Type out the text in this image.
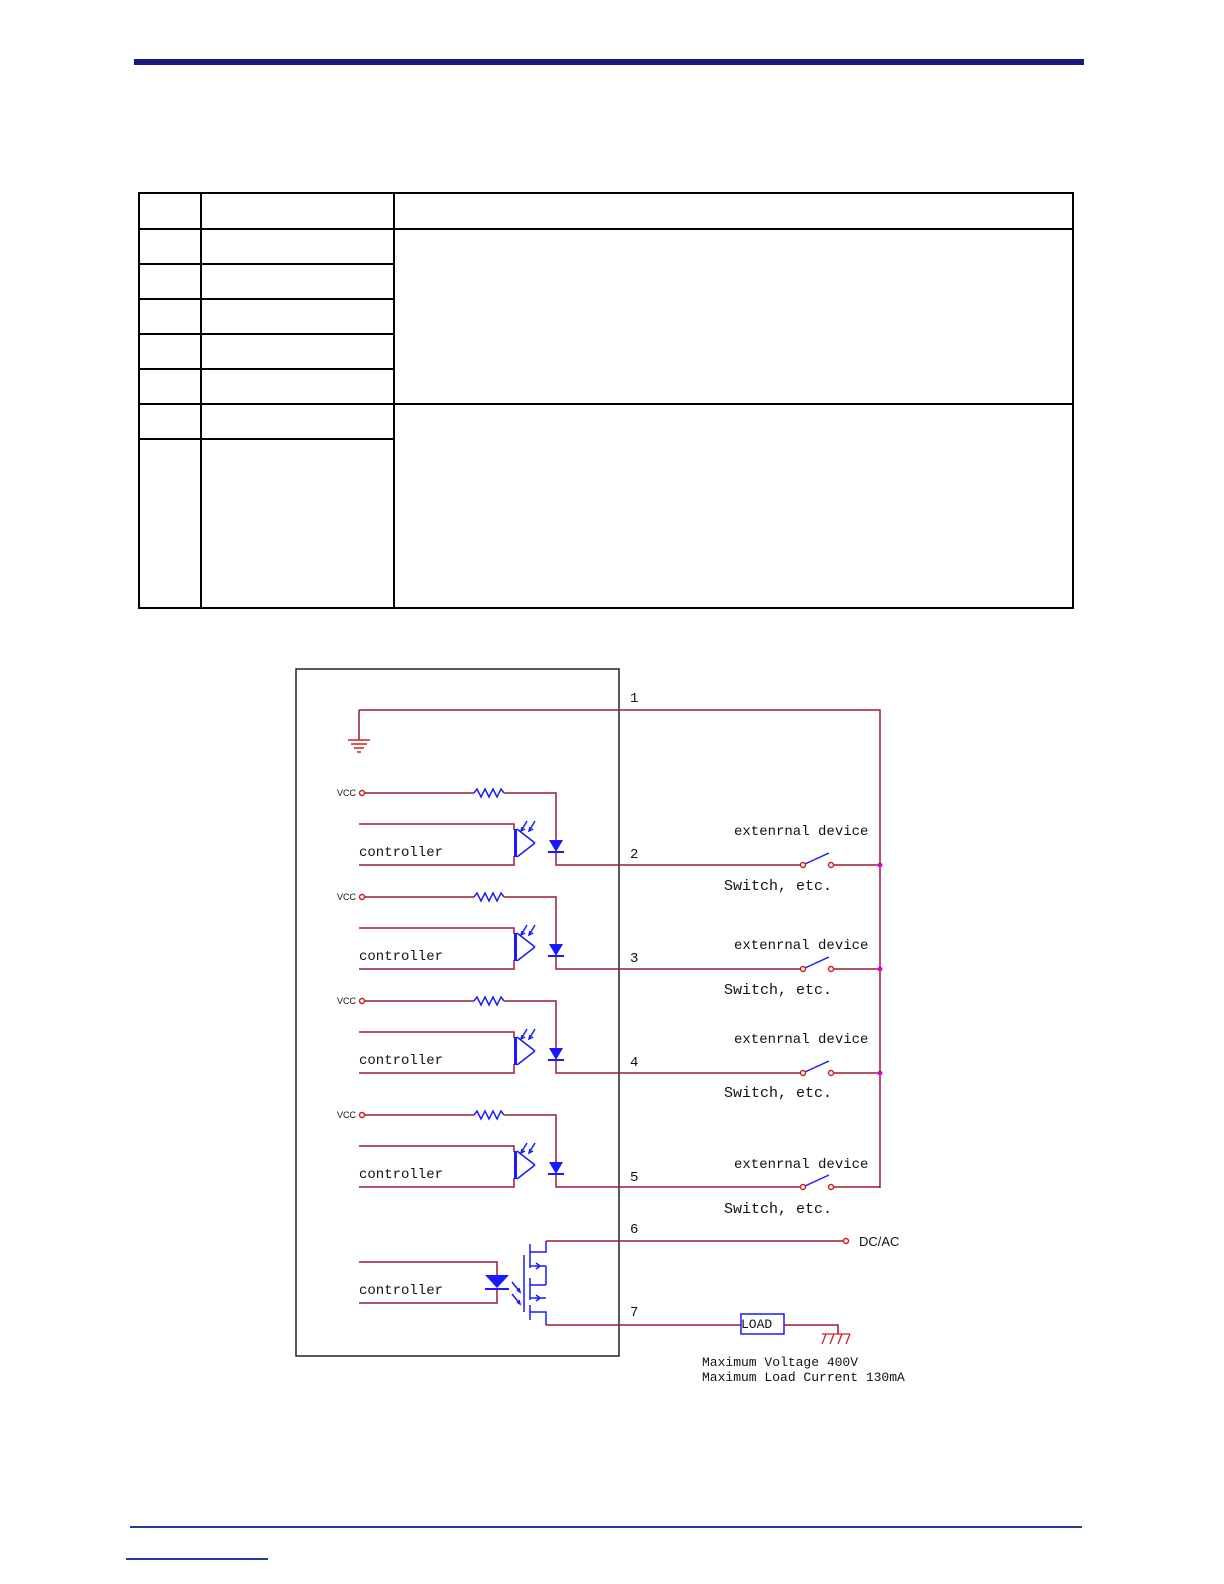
1
VCC
controller	2
extenrnal device
Switch, etc.
VCC
controller	3
extenrnal device
Switch, etc.
VCC
controller	4
extenrnal device
Switch, etc.
VCC
controller	5
extenrnal device
Switch, etc.
DC/AC
LOAD
controller
6
7
Maximum Voltage 400V
Maximum Load Current 130mA
